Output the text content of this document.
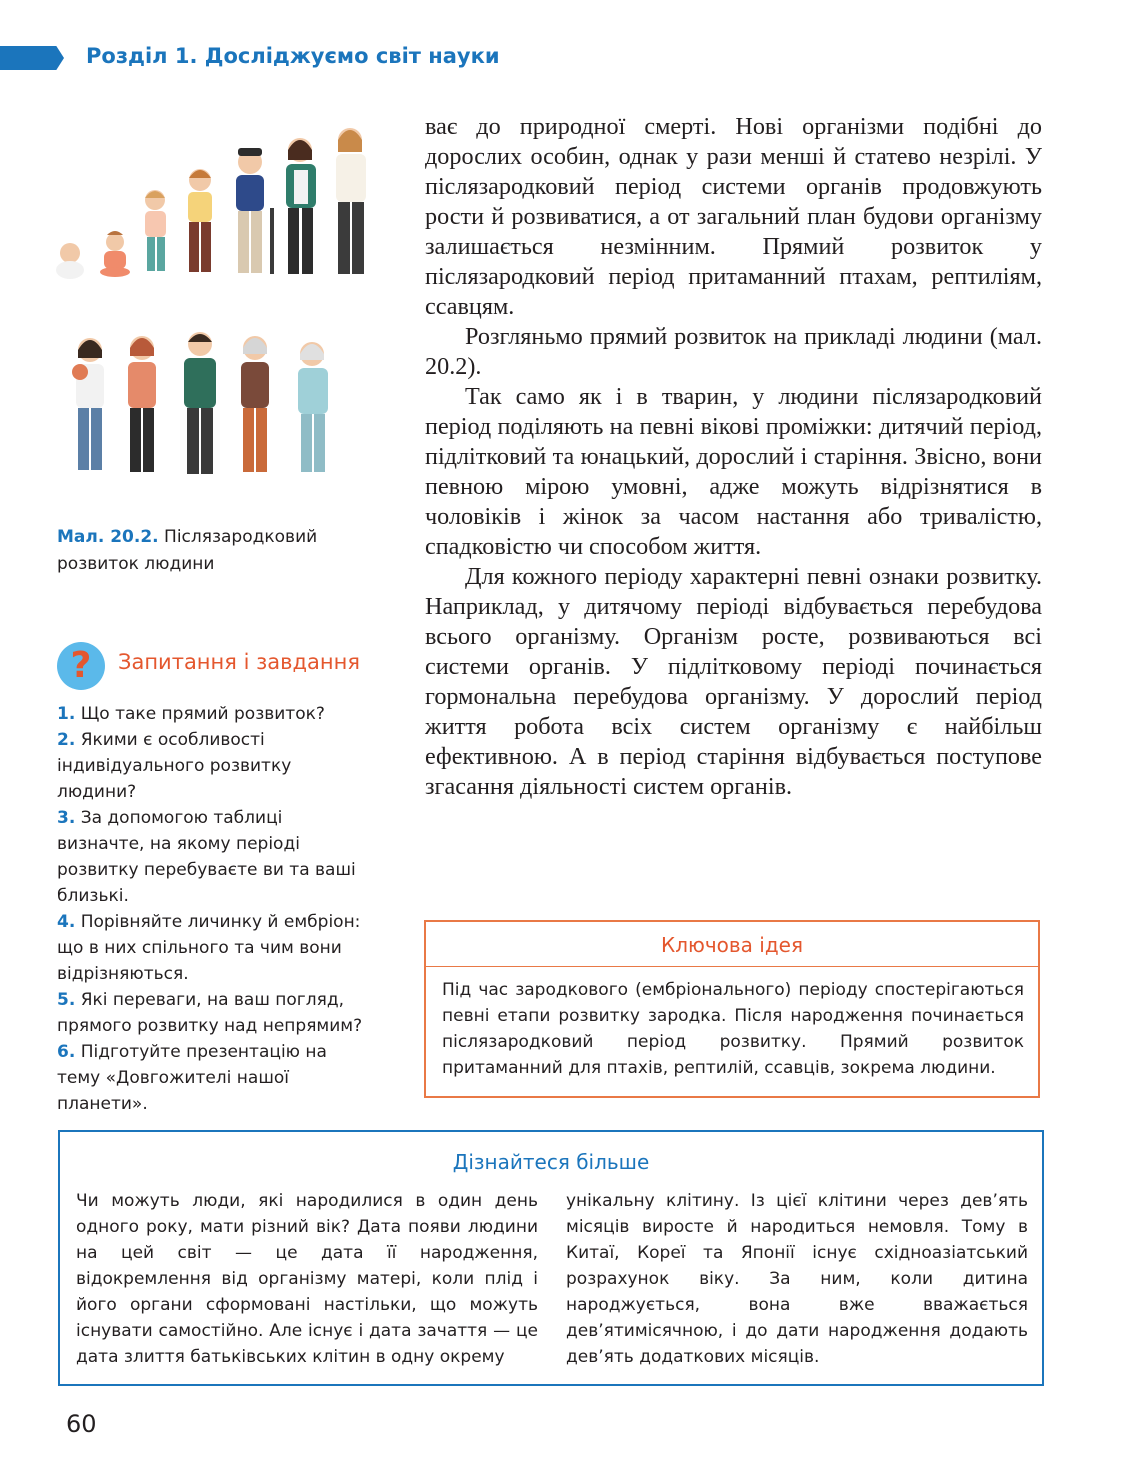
Розділ 1. Досліджуємо світ науки
Мал. 20.2. Післязародковий розвиток людини

ває до природної смерті. Нові організми подібні до дорослих особин, однак у рази менші й статево незрілі. У післязародковий період системи органів продовжують рости й розвиватися, а от загальний план будови організму залишається незмінним. Прямий розвиток у післязародковий період притаманний птахам, рептиліям, ссавцям.

Розгляньмо прямий розвиток на прикладі людини (мал. 20.2).

Так само як і в тварин, у людини післязародковий період поділяють на певні вікові проміжки: дитячий період, підлітковий та юнацький, дорослий і старіння. Звісно, вони певною мірою умовні, адже можуть відрізнятися в чоловіків і жінок за часом настання або тривалістю, спадковістю чи способом життя.

Для кожного періоду характерні певні ознаки розвитку. Наприклад, у дитячому періоді відбувається перебудова всього організму. Організм росте, розвиваються всі системи органів. У підлітковому періоді починається гормональна перебудова організму. У дорослий період життя робота всіх систем організму є найбільш ефективною. А в період старіння відбувається поступове згасання діяльності систем органів.

?	Запитання і завдання

1. Що таке прямий розвиток?

2. Якими є особливості індивідуального розвитку людини?

3. За допомогою таблиці визначте, на якому періоді розвитку перебуваєте ви та ваші близькі.

4. Порівняйте личинку й ембріон: що в них спільного та чим вони відрізняються.

5. Які переваги, на ваш погляд, прямого розвитку над непрямим?

6. Підготуйте презентацію на тему «Довгожителі нашої планети».

Ключова ідея
Під час зародкового (ембріонального) періоду спостерігаються певні етапи розвитку зародка. Після народження починається післязародковий період розвитку. Прямий розвиток притаманний для птахів, рептилій, ссавців, зокрема людини.
Дізнайтеся більше
Чи можуть люди, які народилися в один день одного року, мати різний вік? Дата появи людини на цей світ — це дата її народження, відокремлення від організму матері, коли плід і його органи сформовані настільки, що можуть існувати самостійно. Але існує і дата зачаття — це дата злиття батьківських клітин в одну окрему
унікальну клітину. Із цієї клітини через дев’ять місяців виросте й народиться немовля. Тому в Китаї, Кореї та Японії існує східноазіатський розрахунок віку. За ним, коли дитина народжується, вона вже вважається дев’ятимісячною, і до дати народження додають дев’ять додаткових місяців.
60
